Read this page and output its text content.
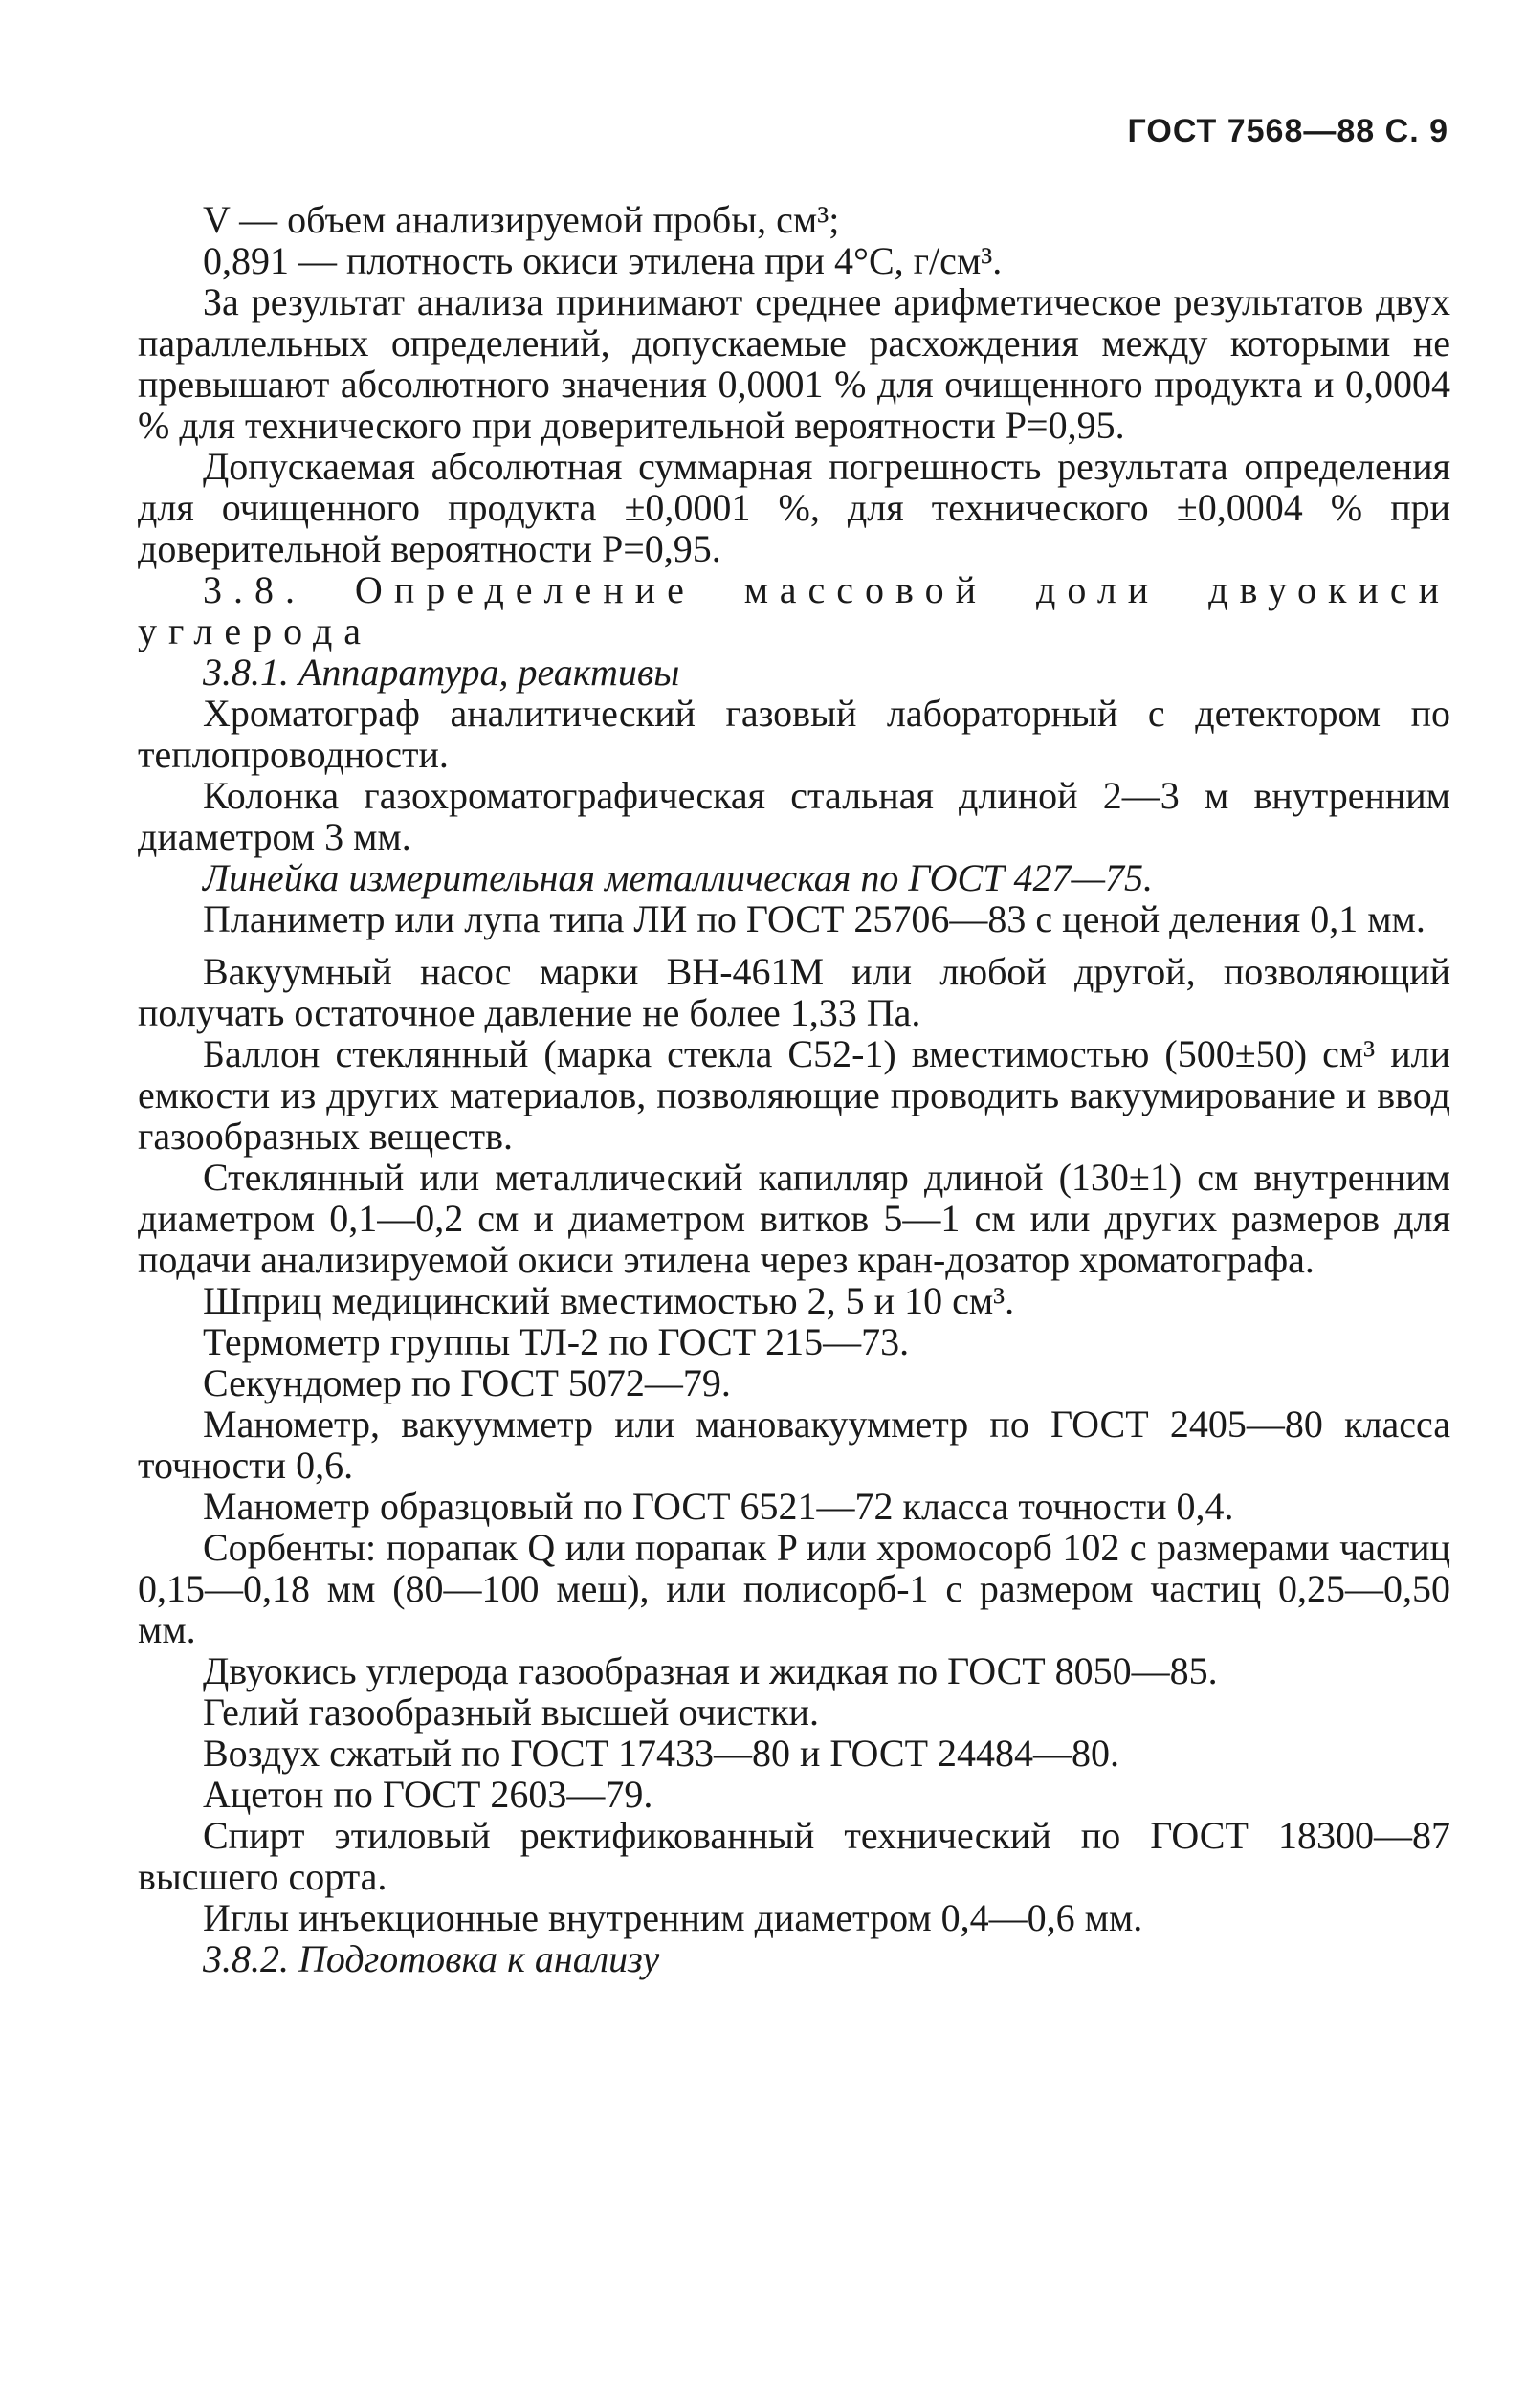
ГОСТ 7568—88 С. 9

V — объем анализируемой пробы, см³;

0,891 — плотность окиси этилена при 4°С, г/см³.

За результат анализа принимают среднее арифметическое результатов двух параллельных определений, допускаемые расхождения между которыми не превышают абсолютного значения 0,0001 % для очищенного продукта и 0,0004 % для технического при доверительной вероятности P=0,95.

Допускаемая абсолютная суммарная погрешность результата определения для очищенного продукта ±0,0001 %, для технического ±0,0004 % при доверительной вероятности P=0,95.

3.8. Определение массовой доли двуокиси углерода

3.8.1. Аппаратура, реактивы

Хроматограф аналитический газовый лабораторный с детектором по теплопроводности.

Колонка газохроматографическая стальная длиной 2—3 м внутренним диаметром 3 мм.

Линейка измерительная металлическая по ГОСТ 427—75.

Планиметр или лупа типа ЛИ по ГОСТ 25706—83 с ценой деления 0,1 мм.

Вакуумный насос марки ВН-461М или любой другой, позволяющий получать остаточное давление не более 1,33 Па.

Баллон стеклянный (марка стекла С52-1) вместимостью (500±50) см³ или емкости из других материалов, позволяющие проводить вакуумирование и ввод газообразных веществ.

Стеклянный или металлический капилляр длиной (130±1) см внутренним диаметром 0,1—0,2 см и диаметром витков 5—1 см или других размеров для подачи анализируемой окиси этилена через кран-дозатор хроматографа.

Шприц медицинский вместимостью 2, 5 и 10 см³.

Термометр группы ТЛ-2 по ГОСТ 215—73.

Секундомер по ГОСТ 5072—79.

Манометр, вакуумметр или мановакуумметр по ГОСТ 2405—80 класса точности 0,6.

Манометр образцовый по ГОСТ 6521—72 класса точности 0,4.

Сорбенты: порапак Q или порапак P или хромосорб 102 с размерами частиц 0,15—0,18 мм (80—100 меш), или полисорб-1 с размером частиц 0,25—0,50 мм.

Двуокись углерода газообразная и жидкая по ГОСТ 8050—85.

Гелий газообразный высшей очистки.

Воздух сжатый по ГОСТ 17433—80 и ГОСТ 24484—80.

Ацетон по ГОСТ 2603—79.

Спирт этиловый ректификованный технический по ГОСТ 18300—87 высшего сорта.

Иглы инъекционные внутренним диаметром 0,4—0,6 мм.

3.8.2. Подготовка к анализу
